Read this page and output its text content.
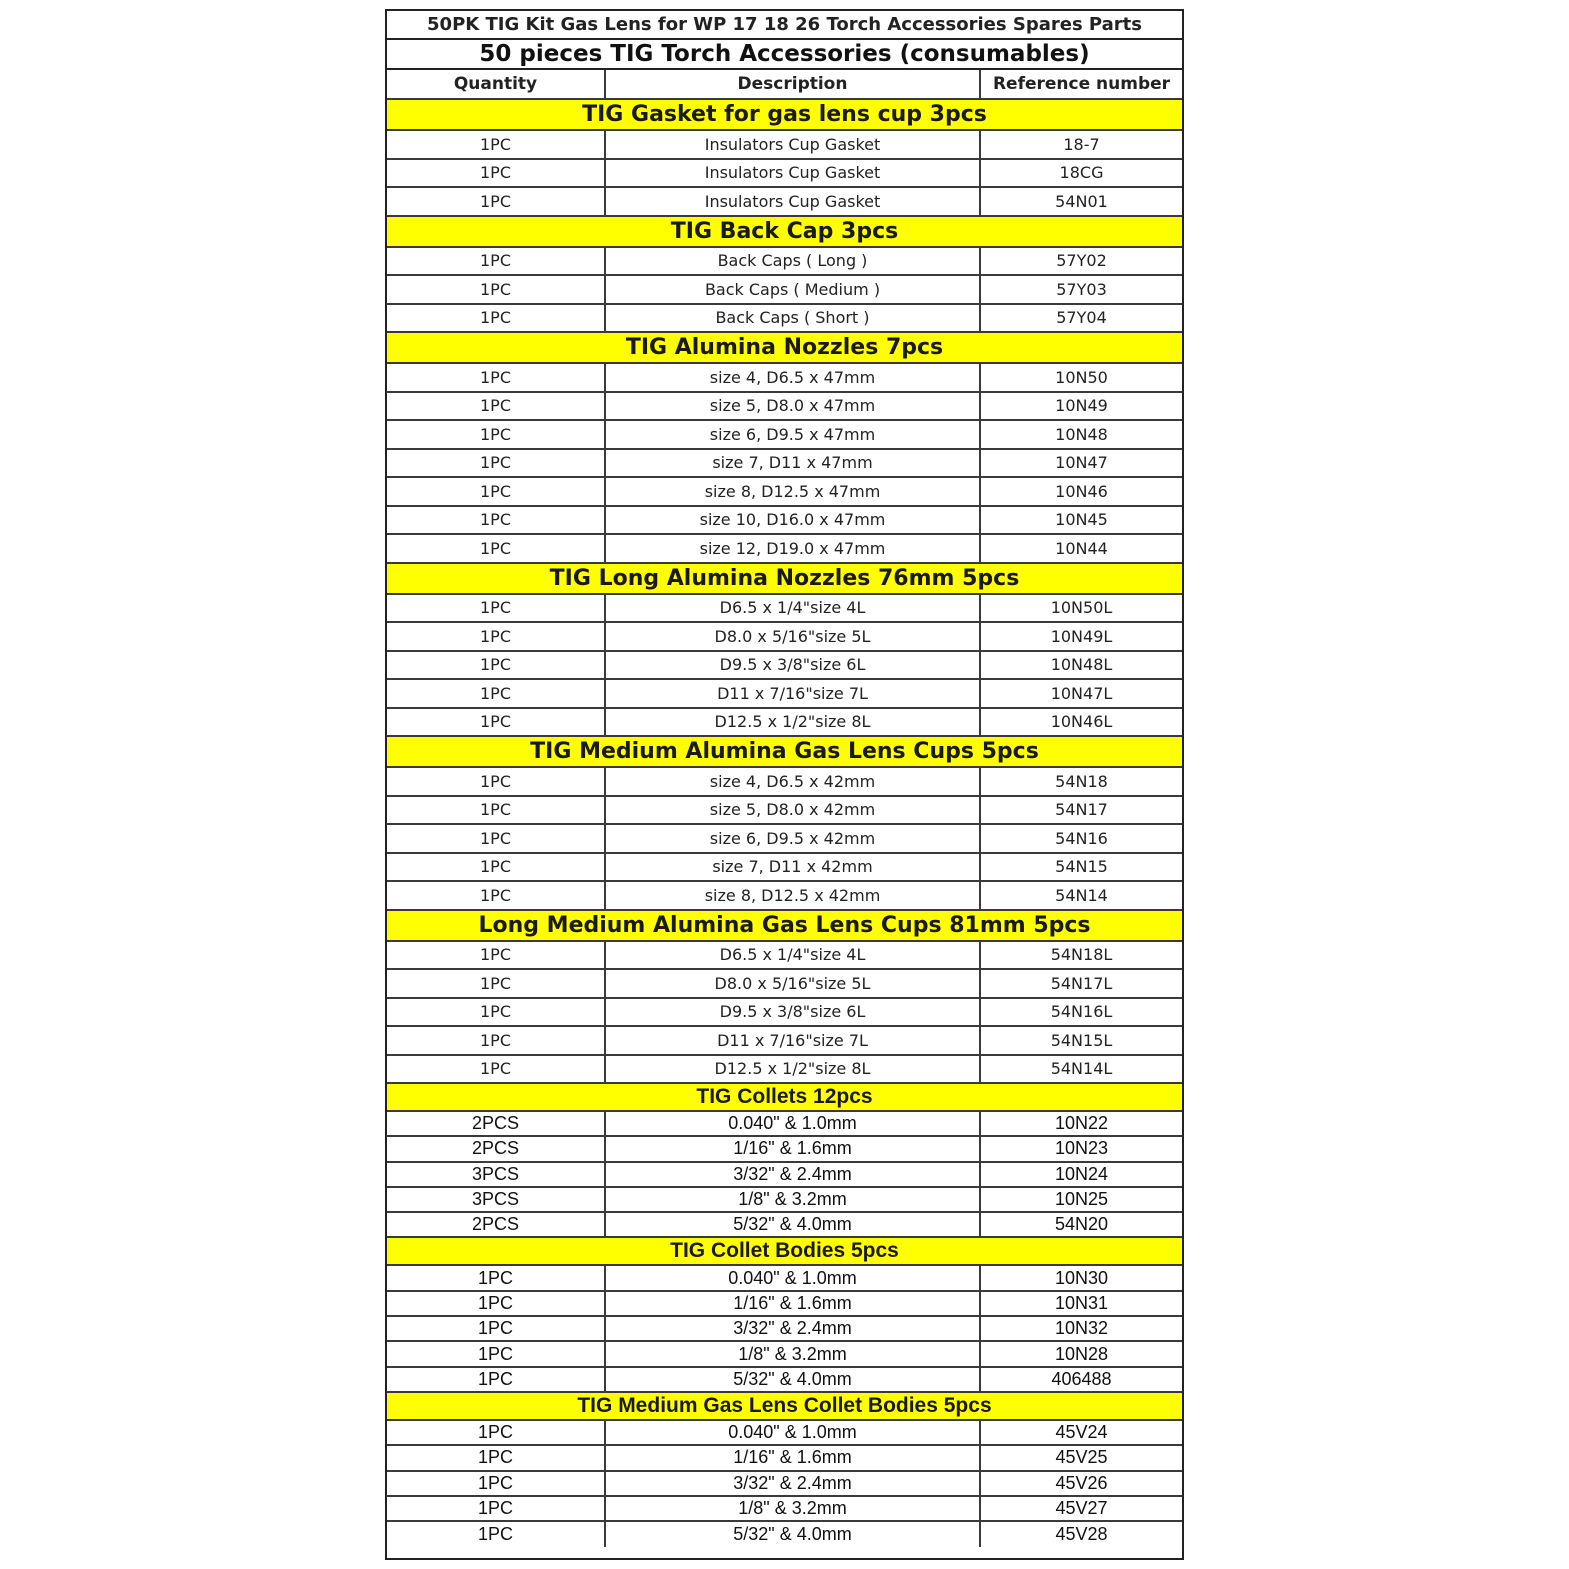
50PK TIG Kit Gas Lens for WP 17 18 26 Torch Accessories Spares Parts
50 pieces TIG Torch Accessories (consumables)
Quantity	Description	Reference number
TIG Gasket for gas lens cup 3pcs
1PC	Insulators Cup Gasket	18-7
1PC	Insulators Cup Gasket	18CG
1PC	Insulators Cup Gasket	54N01
TIG Back Cap 3pcs
1PC	Back Caps ( Long )	57Y02
1PC	Back Caps ( Medium )	57Y03
1PC	Back Caps ( Short )	57Y04
TIG Alumina Nozzles 7pcs
1PC	size 4, D6.5 x 47mm	10N50
1PC	size 5, D8.0 x 47mm	10N49
1PC	size 6, D9.5 x 47mm	10N48
1PC	size 7, D11 x 47mm	10N47
1PC	size 8, D12.5 x 47mm	10N46
1PC	size 10, D16.0 x 47mm	10N45
1PC	size 12, D19.0 x 47mm	10N44
TIG Long Alumina Nozzles 76mm 5pcs
1PC	D6.5 x 1/4"size 4L	10N50L
1PC	D8.0 x 5/16"size 5L	10N49L
1PC	D9.5 x 3/8"size 6L	10N48L
1PC	D11 x 7/16"size 7L	10N47L
1PC	D12.5 x 1/2"size 8L	10N46L
TIG Medium Alumina Gas Lens Cups 5pcs
1PC	size 4, D6.5 x 42mm	54N18
1PC	size 5, D8.0 x 42mm	54N17
1PC	size 6, D9.5 x 42mm	54N16
1PC	size 7, D11 x 42mm	54N15
1PC	size 8, D12.5 x 42mm	54N14
Long Medium Alumina Gas Lens Cups 81mm 5pcs
1PC	D6.5 x 1/4"size 4L	54N18L
1PC	D8.0 x 5/16"size 5L	54N17L
1PC	D9.5 x 3/8"size 6L	54N16L
1PC	D11 x 7/16"size 7L	54N15L
1PC	D12.5 x 1/2"size 8L	54N14L
TIG Collets 12pcs
2PCS	0.040" & 1.0mm	10N22
2PCS	1/16" & 1.6mm	10N23
3PCS	3/32" & 2.4mm	10N24
3PCS	1/8" & 3.2mm	10N25
2PCS	5/32" & 4.0mm	54N20
TIG Collet Bodies 5pcs
1PC	0.040" & 1.0mm	10N30
1PC	1/16" & 1.6mm	10N31
1PC	3/32" & 2.4mm	10N32
1PC	1/8" & 3.2mm	10N28
1PC	5/32" & 4.0mm	406488
TIG Medium Gas Lens Collet Bodies 5pcs
1PC	0.040" & 1.0mm	45V24
1PC	1/16" & 1.6mm	45V25
1PC	3/32" & 2.4mm	45V26
1PC	1/8" & 3.2mm	45V27
1PC	5/32" & 4.0mm	45V28
